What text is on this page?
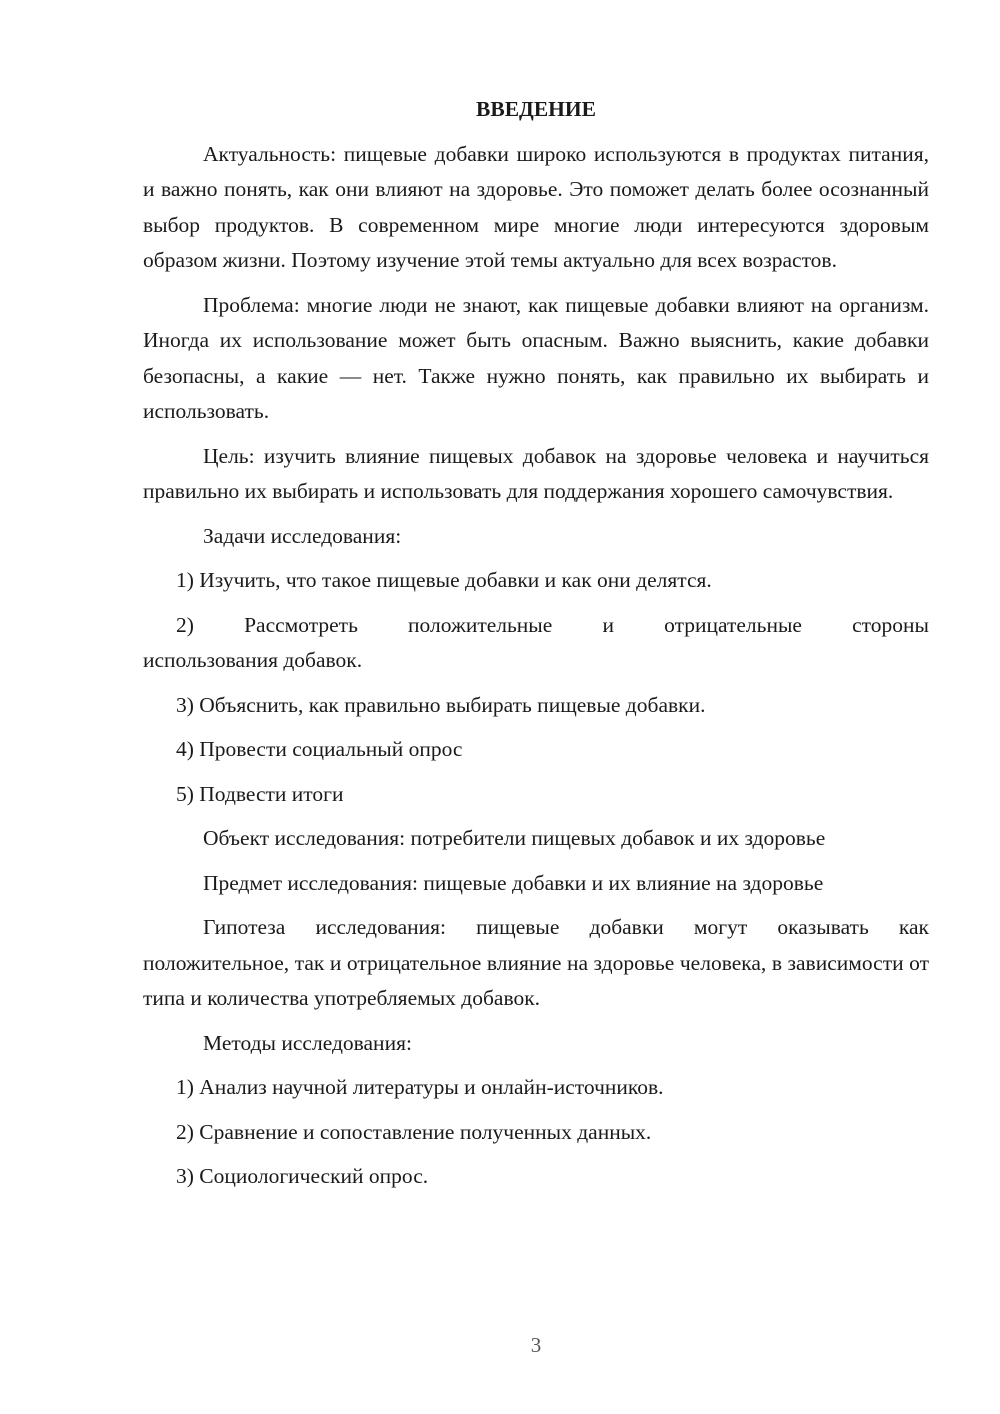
ВВЕДЕНИЕ

Актуальность: пищевые добавки широко используются в продуктах питания, и важно понять, как они влияют на здоровье. Это поможет делать более осознанный выбор продуктов. В современном мире многие люди интересуются здоровым образом жизни. Поэтому изучение этой темы актуально для всех возрастов.

Проблема: многие люди не знают, как пищевые добавки влияют на организм. Иногда их использование может быть опасным. Важно выяснить, какие добавки безопасны, а какие — нет. Также нужно понять, как правильно их выбирать и использовать.

Цель: изучить влияние пищевых добавок на здоровье человека и научиться правильно их выбирать и использовать для поддержания хорошего самочувствия.

Задачи исследования:

1) Изучить, что такое пищевые добавки и как они делятся.

2) Рассмотреть положительные и отрицательные стороны
использования добавок.

3) Объяснить, как правильно выбирать пищевые добавки.

4) Провести социальный опрос

5) Подвести итоги

Объект исследования: потребители пищевых добавок и их здоровье

Предмет исследования: пищевые добавки и их влияние на здоровье

Гипотеза исследования: пищевые добавки могут оказывать как положительное, так и отрицательное влияние на здоровье человека, в зависимости от типа и количества употребляемых добавок.

Методы исследования:

1) Анализ научной литературы и онлайн-источников.

2) Сравнение и сопоставление полученных данных.

3) Социологический опрос.

3
